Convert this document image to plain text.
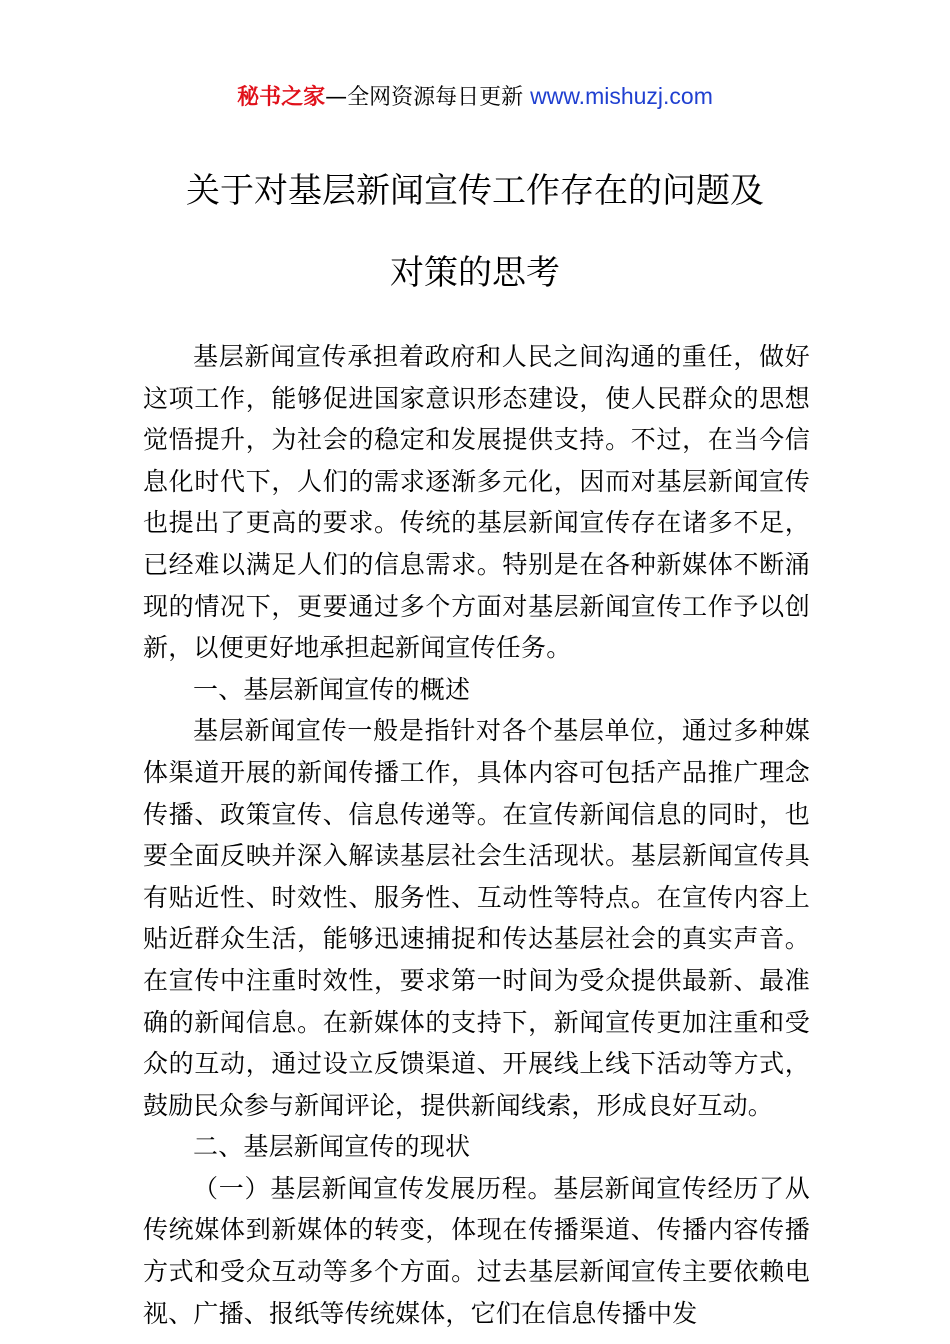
秘书之家—全网资源每日更新 www.mishuzj.com
关于对基层新闻宣传工作存在的问题及
对策的思考

基层新闻宣传承担着政府和人民之间沟通的重任，做好这项工作，能够促进国家意识形态建设，使人民群众的思想觉悟提升，为社会的稳定和发展提供支持。不过，在当今信息化时代下，人们的需求逐渐多元化，因而对基层新闻宣传也提出了更高的要求。传统的基层新闻宣传存在诸多不足，已经难以满足人们的信息需求。特别是在各种新媒体不断涌现的情况下，更要通过多个方面对基层新闻宣传工作予以创新，以便更好地承担起新闻宣传任务。

一、基层新闻宣传的概述

基层新闻宣传一般是指针对各个基层单位，通过多种媒体渠道开展的新闻传播工作，具体内容可包括产品推广理念传播、政策宣传、信息传递等。在宣传新闻信息的同时，也要全面反映并深入解读基层社会生活现状。基层新闻宣传具有贴近性、时效性、服务性、互动性等特点。在宣传内容上贴近群众生活，能够迅速捕捉和传达基层社会的真实声音。在宣传中注重时效性，要求第一时间为受众提供最新、最准确的新闻信息。在新媒体的支持下，新闻宣传更加注重和受众的互动，通过设立反馈渠道、开展线上线下活动等方式，鼓励民众参与新闻评论，提供新闻线索，形成良好互动。

二、基层新闻宣传的现状

（一）基层新闻宣传发展历程。基层新闻宣传经历了从传统媒体到新媒体的转变，体现在传播渠道、传播内容传播方式和受众互动等多个方面。过去基层新闻宣传主要依赖电视、广播、报纸等传统媒体，它们在信息传播中发
